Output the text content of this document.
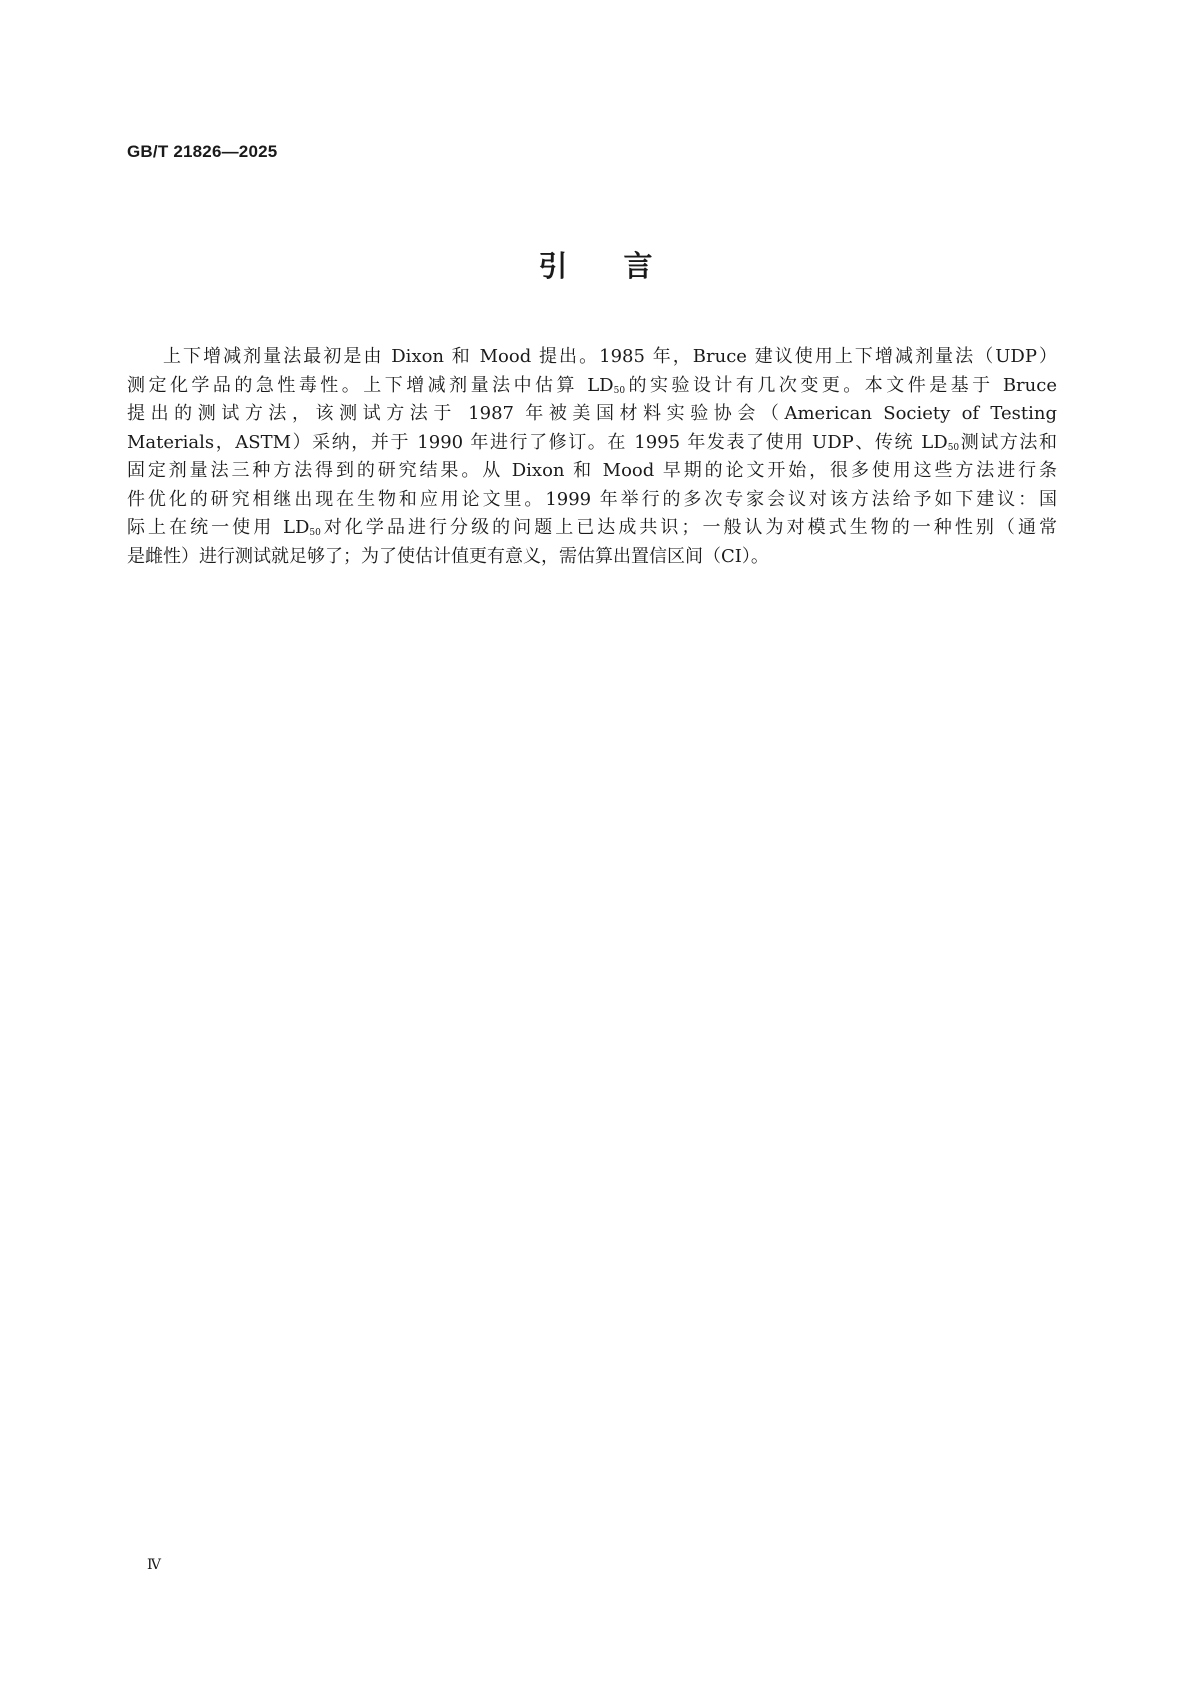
GB/T 21826—2025

引言
上下增减剂量法最初是由 Dixon 和 Mood 提出。1985 年，Bruce 建议使用上下增减剂量法（UDP）
测定化学品的急性毒性。上下增减剂量法中估算 $LD_{50}$的实验设计有几次变更。本文件是基于 Bruce
提出的测试方法，该测试方法于 1987 年被美国材料实验协会（American Society of Testing
Materials，ASTM）采纳，并于 1990 年进行了修订。在 1995 年发表了使用 UDP、传统 $LD_{50}$测试方法和
固定剂量法三种方法得到的研究结果。从 Dixon 和 Mood 早期的论文开始，很多使用这些方法进行条
件优化的研究相继出现在生物和应用论文里。1999 年举行的多次专家会议对该方法给予如下建议：国
际上在统一使用 $LD_{50}$对化学品进行分级的问题上已达成共识；一般认为对模式生物的一种性别（通常
是雌性）进行测试就足够了；为了使估计值更有意义，需估算出置信区间（CI）。

Ⅳ
